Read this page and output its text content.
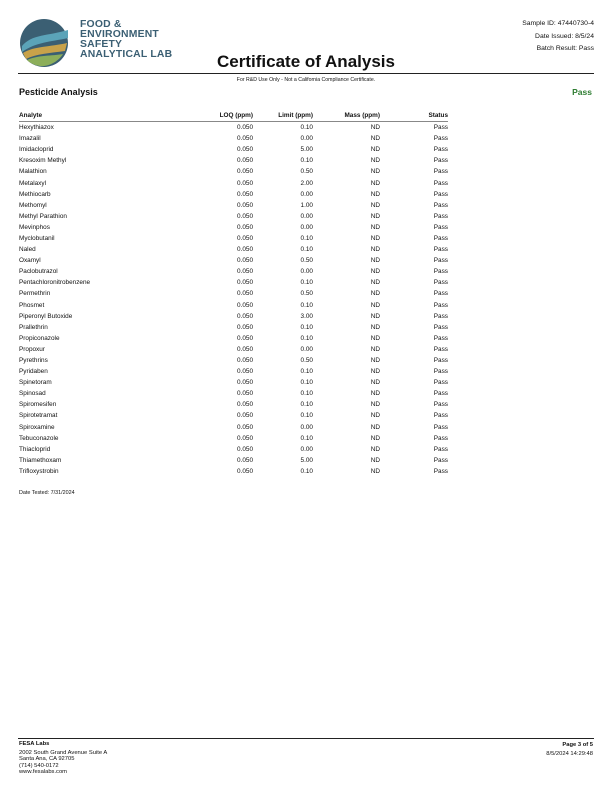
FOOD &
ENVIRONMENT
SAFETY
ANALYTICAL LAB
Sample ID: 47440730-4
Date Issued: 8/5/24
Batch Result: Pass
Certificate of Analysis
For R&D Use Only - Not a California Compliance Certificate.
Pesticide Analysis	Pass
Analyte	LOQ (ppm)	Limit (ppm)	Mass (ppm)	Status
Hexythiazox	0.050	0.10	ND	Pass
Imazalil	0.050	0.00	ND	Pass
Imidacloprid	0.050	5.00	ND	Pass
Kresoxim Methyl	0.050	0.10	ND	Pass
Malathion	0.050	0.50	ND	Pass
Metalaxyl	0.050	2.00	ND	Pass
Methiocarb	0.050	0.00	ND	Pass
Methomyl	0.050	1.00	ND	Pass
Methyl Parathion	0.050	0.00	ND	Pass
Mevinphos	0.050	0.00	ND	Pass
Myclobutanil	0.050	0.10	ND	Pass
Naled	0.050	0.10	ND	Pass
Oxamyl	0.050	0.50	ND	Pass
Paclobutrazol	0.050	0.00	ND	Pass
Pentachloronitrobenzene	0.050	0.10	ND	Pass
Permethrin	0.050	0.50	ND	Pass
Phosmet	0.050	0.10	ND	Pass
Piperonyl Butoxide	0.050	3.00	ND	Pass
Prallethrin	0.050	0.10	ND	Pass
Propiconazole	0.050	0.10	ND	Pass
Propoxur	0.050	0.00	ND	Pass
Pyrethrins	0.050	0.50	ND	Pass
Pyridaben	0.050	0.10	ND	Pass
Spinetoram	0.050	0.10	ND	Pass
Spinosad	0.050	0.10	ND	Pass
Spiromesifen	0.050	0.10	ND	Pass
Spirotetramat	0.050	0.10	ND	Pass
Spiroxamine	0.050	0.00	ND	Pass
Tebuconazole	0.050	0.10	ND	Pass
Thiacloprid	0.050	0.00	ND	Pass
Thiamethoxam	0.050	5.00	ND	Pass
Trifloxystrobin	0.050	0.10	ND	Pass
Date Tested: 7/31/2024
FESA Labs
2002 South Grand Avenue Suite A
Santa Ana, CA 92705
(714) 540-0172
www.fesalabs.com
Page 3 of 5
8/5/2024 14:29:48
